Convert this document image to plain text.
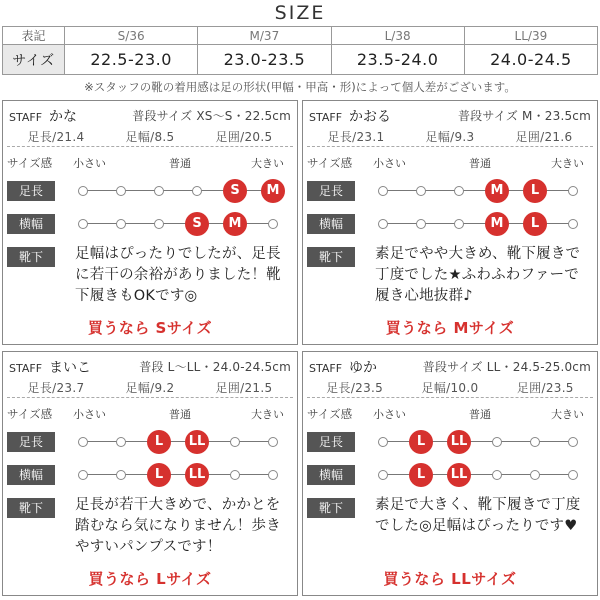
SIZE
表記	S/36	M/37	L/38	LL/39
サイズ	22.5-23.0	23.0-23.5	23.5-24.0	24.0-24.5
※スタッフの靴の着用感は足の形状(甲幅・甲高・形)によって個人差がございます。
STAFF かな	普段サイズ XS〜S・22.5cm
足長/21.4	足幅/8.5	足囲/20.5
サイズ感 小さい	普通	大きい
足長	S	M
横幅	S	M
靴下	足幅はぴったりでしたが、足長に若干の余裕がありました！靴下履きもOKです◎
買うなら Sサイズ
STAFF かおる	普段サイズ M・23.5cm
足長/23.1	足幅/9.3	足囲/21.6
サイズ感 小さい	普通	大きい
足長	M	L
横幅	M	L
靴下	素足でやや大きめ、靴下履きで丁度でした★ふわふわファーで履き心地抜群♪
買うなら Mサイズ
STAFF まいこ	普段 L〜LL・24.0-24.5cm
足長/23.7	足幅/9.2	足囲/21.5
サイズ感 小さい	普通	大きい
足長	L	LL
横幅	L	LL
靴下	足長が若干大きめで、かかとを踏むなら気になりません！歩きやすいパンプスです！
買うなら Lサイズ
STAFF ゆか	普段サイズ LL・24.5-25.0cm
足長/23.5	足幅/10.0	足囲/23.5
サイズ感 小さい	普通	大きい
足長	L	LL
横幅	L	LL
靴下	素足で大きく、靴下履きで丁度でした◎足幅はぴったりです♥
買うなら LLサイズ
